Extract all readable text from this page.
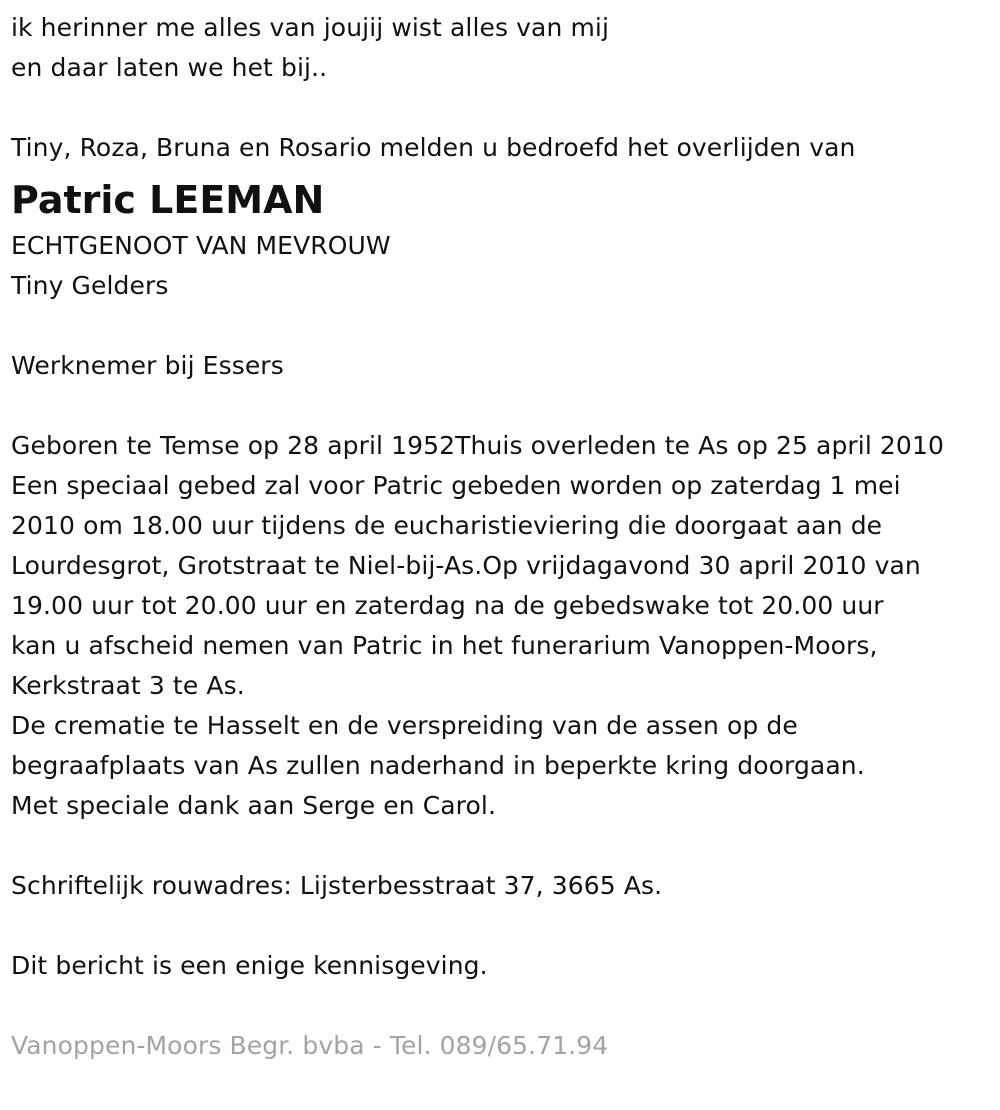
ik herinner me alles van joujij wist alles van mij
en daar laten we het bij..
Tiny, Roza, Bruna en Rosario melden u bedroefd het overlijden van
Patric LEEMAN
ECHTGENOOT VAN MEVROUW
Tiny Gelders
Werknemer bij Essers
Geboren te Temse op 28 april 1952Thuis overleden te As op 25 april 2010
Een speciaal gebed zal voor Patric gebeden worden op zaterdag 1 mei
2010 om 18.00 uur tijdens de eucharistieviering die doorgaat aan de
Lourdesgrot, Grotstraat te Niel-bij-As.Op vrijdagavond 30 april 2010 van
19.00 uur tot 20.00 uur en zaterdag na de gebedswake tot 20.00 uur
kan u afscheid nemen van Patric in het funerarium Vanoppen-Moors,
Kerkstraat 3 te As.
De crematie te Hasselt en de verspreiding van de assen op de
begraafplaats van As zullen naderhand in beperkte kring doorgaan.
Met speciale dank aan Serge en Carol.
Schriftelijk rouwadres: Lijsterbesstraat 37, 3665 As.
Dit bericht is een enige kennisgeving.
Vanoppen-Moors Begr. bvba - Tel. 089/65.71.94
